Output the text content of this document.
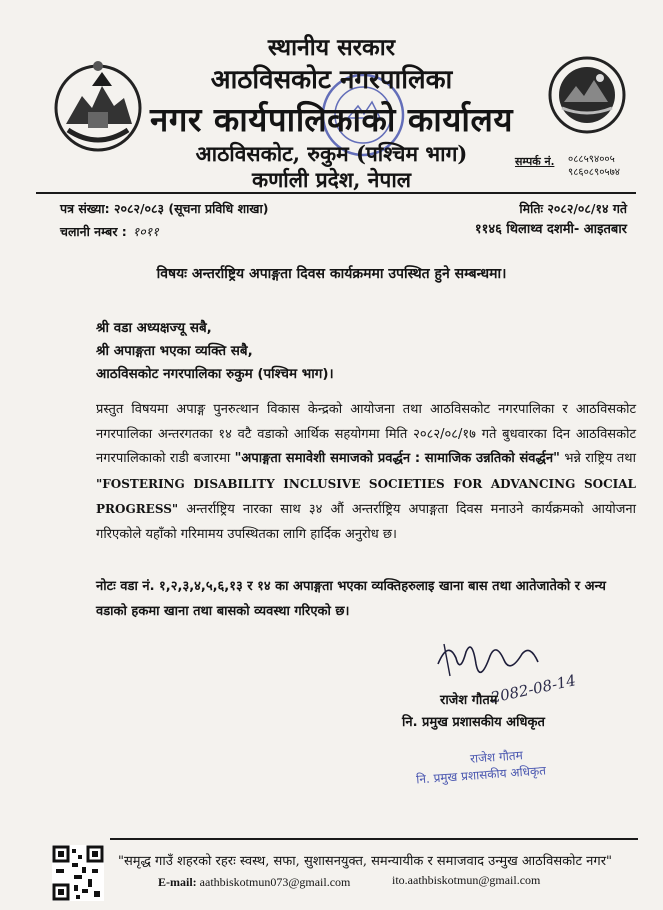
स्थानीय सरकार
आठविसकोट नगरपालिका
नगर कार्यपालिकाको कार्यालय
आठविसकोट, रुकुम (पश्चिम भाग)
कर्णाली प्रदेश, नेपाल
सम्पर्क नं. ०८८५९४००५
९८६०८९०५७४
पत्र संख्या: २०८२/०८३ (सूचना प्रविधि शाखा)
चलानी नम्बर : १०११
मितिः २०८२/०८/१४ गते
११४६ थिलाथ्व दशमी- आइतबार
विषयः अन्तर्राष्ट्रिय अपाङ्गता दिवस कार्यक्रममा उपस्थित हुने सम्बन्धमा।
श्री वडा अध्यक्षज्यू सबै,
श्री अपाङ्गता भएका व्यक्ति सबै,
आठविसकोट नगरपालिका रुकुम (पश्चिम भाग)।
प्रस्तुत विषयमा अपाङ्ग पुनरुत्थान विकास केन्द्रको आयोजना तथा आठविसकोट नगरपालिका र आठविसकोट नगरपालिका अन्तरगतका १४ वटै वडाको आर्थिक सहयोगमा मिति २०८२/०८/१७ गते बुधवारका दिन आठविसकोट नगरपालिकाको राडी बजारमा "अपाङ्गता समावेशी समाजको प्रवर्द्धन : सामाजिक उन्नतिको संवर्द्धन" भन्ने राष्ट्रिय तथा "FOSTERING DISABILITY INCLUSIVE SOCIETIES FOR ADVANCING SOCIAL PROGRESS" अन्तर्राष्ट्रिय नारका साथ ३४ औं अन्तर्राष्ट्रिय अपाङ्गता दिवस मनाउने कार्यक्रमको आयोजना गरिएकोले यहाँको गरिमामय उपस्थितका लागि हार्दिक अनुरोध छ।
नोटः वडा नं. १,२,३,४,५,६,१३ र १४ का अपाङ्गता भएका व्यक्तिहरुलाइ खाना बास तथा आतेजातेको र अन्य वडाको हकमा खाना तथा बासको व्यवस्था गरिएको छ।
2082-08-14
राजेश गौतम
नि. प्रमुख प्रशासकीय अधिकृत
राजेश गौतम
नि. प्रमुख प्रशासकीय अधिकृत
"समृद्ध गाउँ शहरको रहरः स्वस्थ, सफा, सुशासनयुक्त, समन्यायीक र समाजवाद उन्मुख आठविसकोट नगर"
E-mail: aathbiskotmun073@gmail.com	ito.aathbiskotmun@gmail.com
